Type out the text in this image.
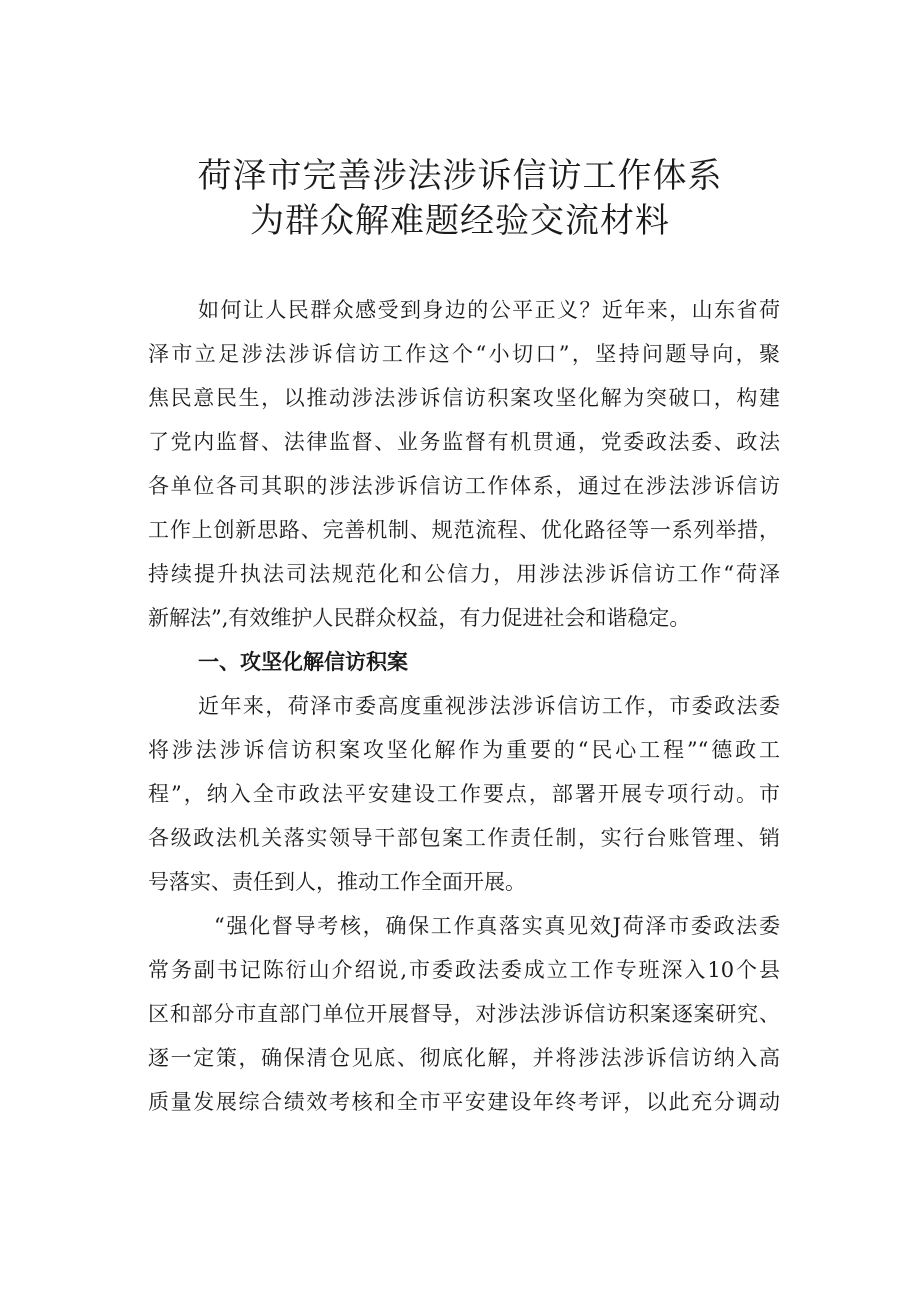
荷泽市完善涉法涉诉信访工作体系
为群众解难题经验交流材料
如何让人民群众感受到身边的公平正义？近年来，山东省荷
泽市立足涉法涉诉信访工作这个“小切口”，坚持问题导向，聚
焦民意民生，以推动涉法涉诉信访积案攻坚化解为突破口，构建
了党内监督、法律监督、业务监督有机贯通，党委政法委、政法
各单位各司其职的涉法涉诉信访工作体系，通过在涉法涉诉信访
工作上创新思路、完善机制、规范流程、优化路径等一系列举措，
持续提升执法司法规范化和公信力，用涉法涉诉信访工作“荷泽
新解法”,有效维护人民群众权益，有力促进社会和谐稳定。
一、攻坚化解信访积案
近年来，荷泽市委高度重视涉法涉诉信访工作，市委政法委
将涉法涉诉信访积案攻坚化解作为重要的“民心工程”“德政工
程”，纳入全市政法平安建设工作要点，部署开展专项行动。市
各级政法机关落实领导干部包案工作责任制，实行台账管理、销
号落实、责任到人，推动工作全面开展。
“强化督导考核，确保工作真落实真见效J荷泽市委政法委
常务副书记陈衍山介绍说,市委政法委成立工作专班深入10个县
区和部分市直部门单位开展督导，对涉法涉诉信访积案逐案研究、
逐一定策，确保清仓见底、彻底化解，并将涉法涉诉信访纳入高
质量发展综合绩效考核和全市平安建设年终考评，以此充分调动
